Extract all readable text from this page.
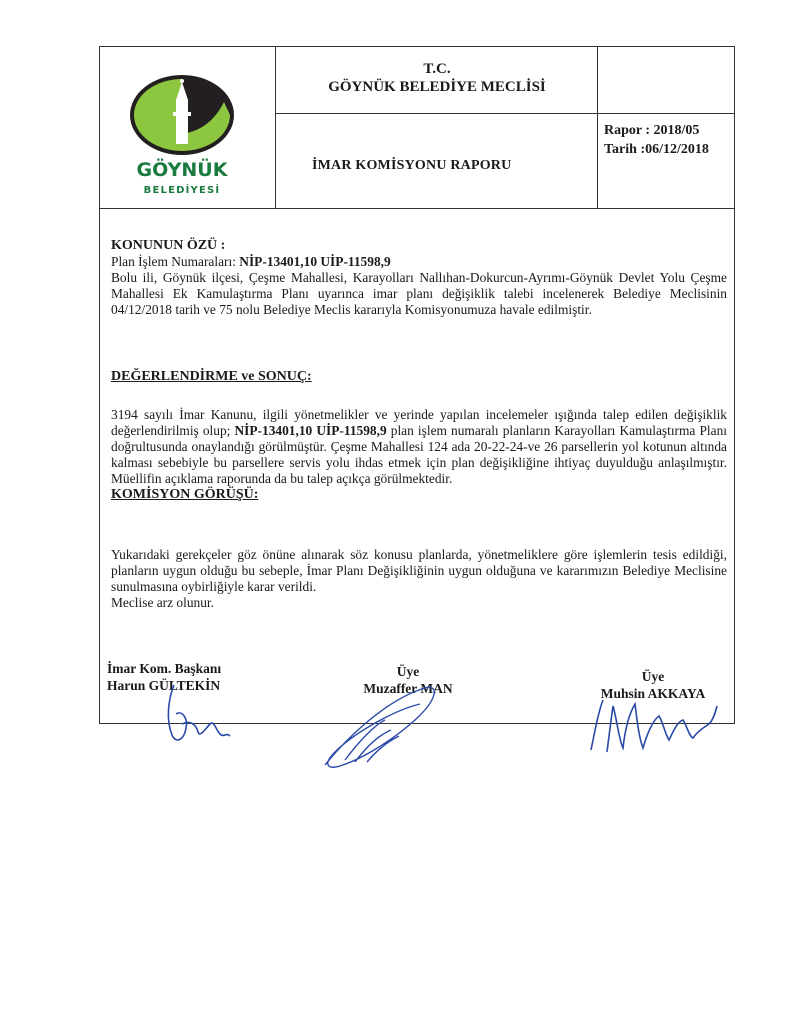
GÖYNÜK
BELEDİYESİ
T.C.
GÖYNÜK BELEDİYE MECLİSİ
İMAR KOMİSYONU RAPORU
Rapor : 2018/05
Tarih :06/12/2018
KONUNUN ÖZÜ :

Plan İşlem Numaraları: NİP-13401,10 UİP-11598,9

Bolu ili, Göynük ilçesi, Çeşme Mahallesi, Karayolları Nallıhan-Dokurcun-Ayrımı-Göynük Devlet Yolu Çeşme Mahallesi Ek Kamulaştırma Planı uyarınca imar planı değişiklik talebi incelenerek Belediye Meclisinin 04/12/2018 tarih ve 75 nolu Belediye Meclis kararıyla Komisyonumuza havale edilmiştir.

DEĞERLENDİRME ve SONUÇ:

3194 sayılı İmar Kanunu, ilgili yönetmelikler ve yerinde yapılan incelemeler ışığında talep edilen değişiklik değerlendirilmiş olup; NİP-13401,10 UİP-11598,9 plan işlem numaralı planların Karayolları Kamulaştırma Planı doğrultusunda onaylandığı görülmüştür. Çeşme Mahallesi 124 ada 20-22-24-ve 26 parsellerin yol kotunun altında kalması sebebiyle bu parsellere servis yolu ihdas etmek için plan değişikliğine ihtiyaç duyulduğu anlaşılmıştır. Müellifin açıklama raporunda da bu talep açıkça görülmektedir.

KOMİSYON GÖRÜŞÜ:

Yukarıdaki gerekçeler göz önüne alınarak söz konusu planlarda, yönetmeliklere göre işlemlerin tesis edildiği, planların uygun olduğu bu sebeple, İmar Planı Değişikliğinin uygun olduğuna ve kararımızın Belediye Meclisine sunulmasına oybirliğiyle karar verildi.

Meclise arz olunur.

İmar Kom. Başkanı
Harun GÜLTEKİN
Üye
Muzaffer MAN
Üye
Muhsin AKKAYA
